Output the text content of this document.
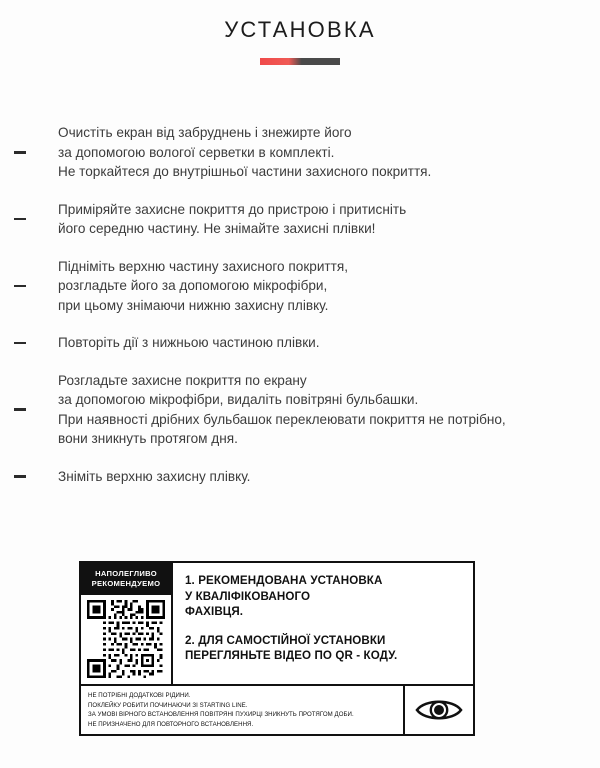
УСТАНОВКА

Очистіть екран від забруднень і знежирте його

за допомогою вологої серветки в комплекті.

Не торкайтеся до внутрішньої частини захисного покриття.

Приміряйте захисне покриття до пристрою і притисніть

його середню частину. Не знімайте захисні плівки!

Підніміть верхню частину захисного покриття,

розгладьте його за допомогою мікрофібри,

при цьому знімаючи нижню захисну плівку.

Повторіть дії з нижньою частиною плівки.

Розгладьте захисне покриття по екрану

за допомогою мікрофібри, видаліть повітряні бульбашки.

При наявності дрібних бульбашок переклеювати покриття не потрібно,

вони зникнуть протягом дня.

Зніміть верхню захисну плівку.

НАПОЛЕГЛИВО
РЕКОМЕНДУЕМО	1. РЕКОМЕНДОВАНА УСТАНОВКА

У КВАЛІФІКОВАНОГО

ФАХІВЦЯ.

2. ДЛЯ САМОСТІЙНОЇ УСТАНОВКИ

ПЕРЕГЛЯНЬТЕ ВІДЕО ПО QR - КОДУ.

НЕ ПОТРІБНІ ДОДАТКОВІ РІДИНИ.

ПОКЛЕЙКУ РОБИТИ ПОЧИНАЮЧИ ЗІ STARTING LINE.

ЗА УМОВІ ВІРНОГО ВСТАНОВЛЕННЯ ПОВІТРЯНІ ПУХИРЦІ ЗНИКНУТЬ ПРОТЯГОМ ДОБИ.

НЕ ПРИЗНАЧЕНО ДЛЯ ПОВТОРНОГО ВСТАНОВЛЕННЯ.
